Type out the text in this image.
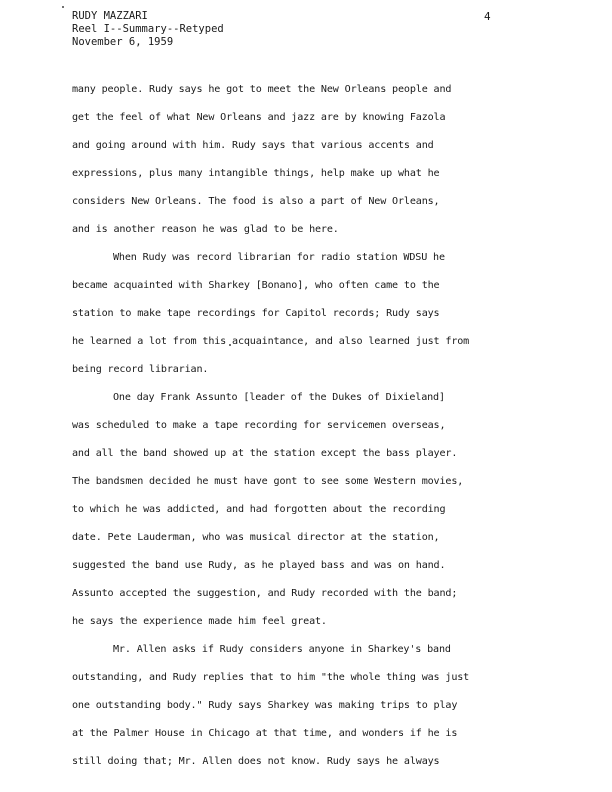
RUDY MAZZARI
Reel I--Summary--Retyped
November 6, 1959
4
many people. Rudy says he got to meet the New Orleans people and
get the feel of what New Orleans and jazz are by knowing Fazola
and going around with him. Rudy says that various accents and
expressions, plus many intangible things, help make up what he
considers New Orleans. The food is also a part of New Orleans,
and is another reason he was glad to be here.
When Rudy was record librarian for radio station WDSU he
became acquainted with Sharkey [Bonano], who often came to the
station to make tape recordings for Capitol records; Rudy says
he learned a lot from this acquaintance, and also learned just from
being record librarian.
One day Frank Assunto [leader of the Dukes of Dixieland]
was scheduled to make a tape recording for servicemen overseas,
and all the band showed up at the station except the bass player.
The bandsmen decided he must have gont to see some Western movies,
to which he was addicted, and had forgotten about the recording
date. Pete Lauderman, who was musical director at the station,
suggested the band use Rudy, as he played bass and was on hand.
Assunto accepted the suggestion, and Rudy recorded with the band;
he says the experience made him feel great.
Mr. Allen asks if Rudy considers anyone in Sharkey's band
outstanding, and Rudy replies that to him "the whole thing was just
one outstanding body." Rudy says Sharkey was making trips to play
at the Palmer House in Chicago at that time, and wonders if he is
still doing that; Mr. Allen does not know. Rudy says he always
